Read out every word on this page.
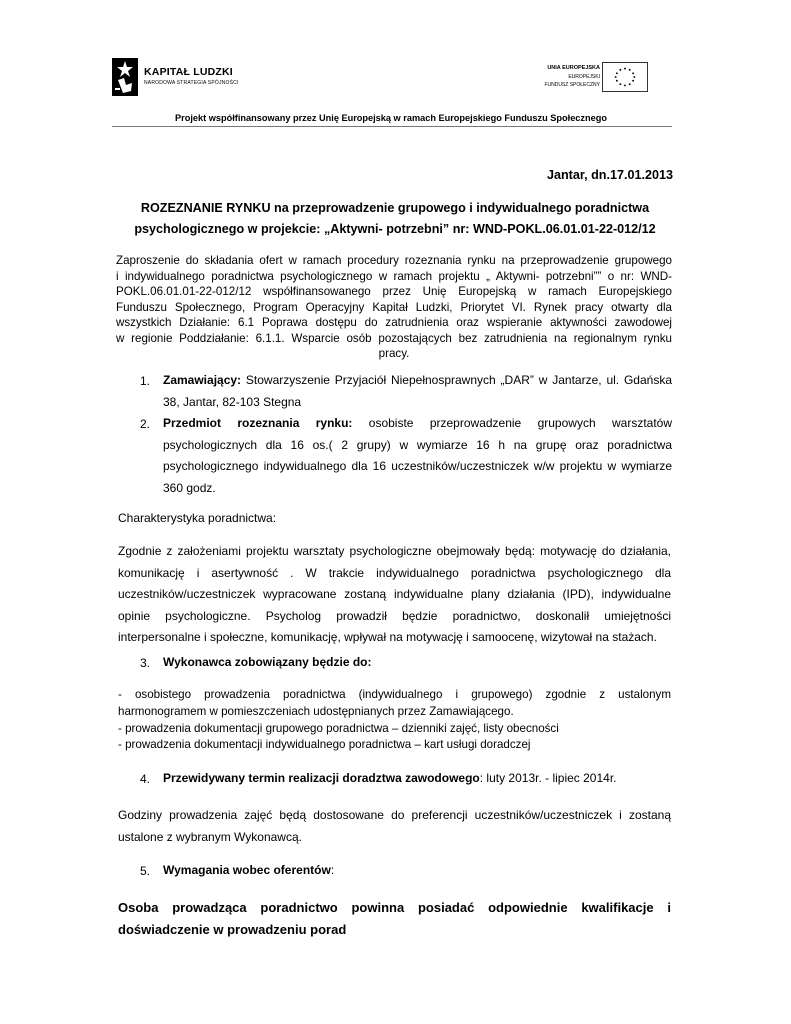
KAPITAŁ LUDZKI
NARODOWA STRATEGIA SPÓJNOŚCI
UNIA EUROPEJSKA
EUROPEJSKI
FUNDUSZ SPOŁECZNY
Projekt współfinansowany przez Unię Europejską w ramach Europejskiego Funduszu Społecznego
Jantar, dn.17.01.2013
ROZEZNANIE RYNKU na przeprowadzenie grupowego i indywidualnego poradnictwa
psychologicznego w projekcie: „Aktywni- potrzebni” nr: WND-POKL.06.01.01-22-012/12
Zaproszenie do składania ofert w ramach procedury rozeznania rynku na przeprowadzenie grupowego
i indywidualnego poradnictwa psychologicznego w ramach projektu „ Aktywni- potrzebni”” o nr: WND-
POKL.06.01.01-22-012/12 współfinansowanego przez Unię Europejską w ramach Europejskiego
Funduszu Społecznego, Program Operacyjny Kapitał Ludzki, Priorytet VI. Rynek pracy otwarty dla
wszystkich Działanie: 6.1 Poprawa dostępu do zatrudnienia oraz wspieranie aktywności zawodowej
w regionie Poddziałanie: 6.1.1. Wsparcie osób pozostających bez zatrudnienia na regionalnym rynku
pracy.
1. Zamawiający: Stowarzyszenie Przyjaciół Niepełnosprawnych „DAR” w Jantarze, ul. Gdańska
38, Jantar, 82-103 Stegna
2. Przedmiot rozeznania rynku: osobiste przeprowadzenie grupowych warsztatów
psychologicznych dla 16 os.( 2 grupy) w wymiarze 16 h na grupę oraz poradnictwa
psychologicznego indywidualnego dla 16 uczestników/uczestniczek w/w projektu w wymiarze
360 godz.
Charakterystyka poradnictwa:
Zgodnie z założeniami projektu warsztaty psychologiczne obejmowały będą: motywację do działania,
komunikację i asertywność . W trakcie indywidualnego poradnictwa psychologicznego dla
uczestników/uczestniczek wypracowane zostaną indywidualne plany działania (IPD), indywidualne
opinie psychologiczne. Psycholog prowadził będzie poradnictwo, doskonalił umiejętności
interpersonalne i społeczne, komunikację, wpływał na motywację i samoocenę, wizytował na stażach.
3. Wykonawca zobowiązany będzie do:
- osobistego prowadzenia poradnictwa (indywidualnego i grupowego) zgodnie z ustalonym
harmonogramem w pomieszczeniach udostępnianych przez Zamawiającego.
- prowadzenia dokumentacji grupowego poradnictwa – dzienniki zajęć, listy obecności
- prowadzenia dokumentacji indywidualnego poradnictwa – kart usługi doradczej
4. Przewidywany termin realizacji doradztwa zawodowego: luty 2013r. - lipiec 2014r.
Godziny prowadzenia zajęć będą dostosowane do preferencji uczestników/uczestniczek i zostaną
ustalone z wybranym Wykonawcą.
5. Wymagania wobec oferentów:
Osoba prowadząca poradnictwo powinna posiadać odpowiednie kwalifikacje i
doświadczenie w prowadzeniu porad
